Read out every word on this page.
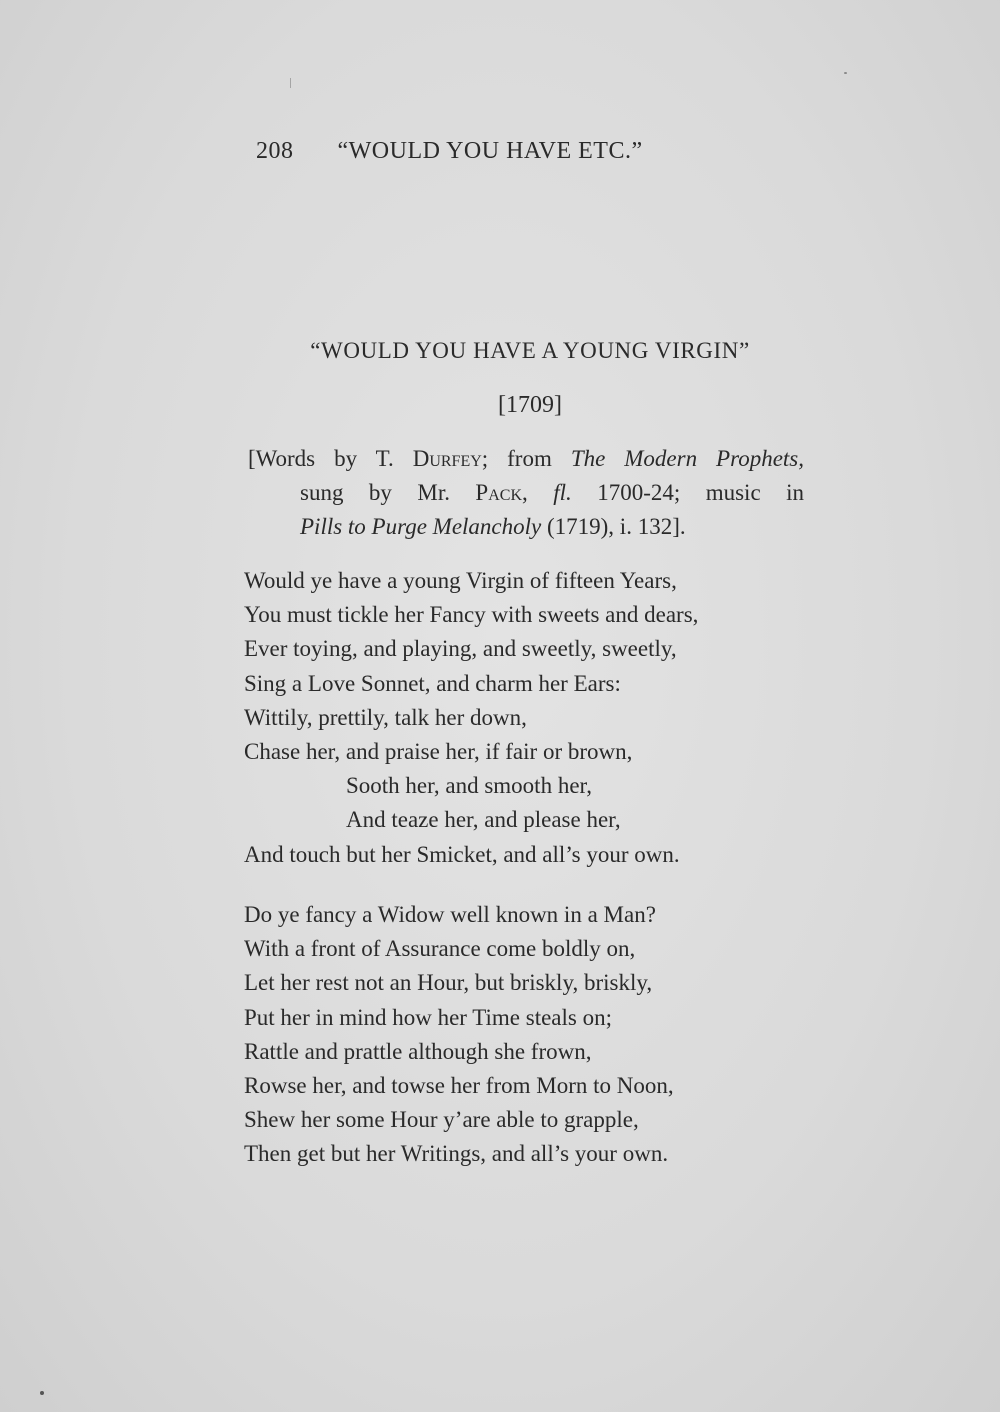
208 “WOULD YOU HAVE ETC.”
“WOULD YOU HAVE A YOUNG VIRGIN”
[1709]
[Words by T. Durfey; from The Modern Prophets,
sung by Mr. Pack, fl. 1700-24; music in
Pills to Purge Melancholy (1719), i. 132].
Would ye have a young Virgin of fifteen Years,
You must tickle her Fancy with sweets and dears,
Ever toying, and playing, and sweetly, sweetly,
Sing a Love Sonnet, and charm her Ears:
Wittily, prettily, talk her down,
Chase her, and praise her, if fair or brown,
Sooth her, and smooth her,
And teaze her, and please her,
And touch but her Smicket, and all’s your own.
Do ye fancy a Widow well known in a Man?
With a front of Assurance come boldly on,
Let her rest not an Hour, but briskly, briskly,
Put her in mind how her Time steals on;
Rattle and prattle although she frown,
Rowse her, and towse her from Morn to Noon,
Shew her some Hour y’are able to grapple,
Then get but her Writings, and all’s your own.
